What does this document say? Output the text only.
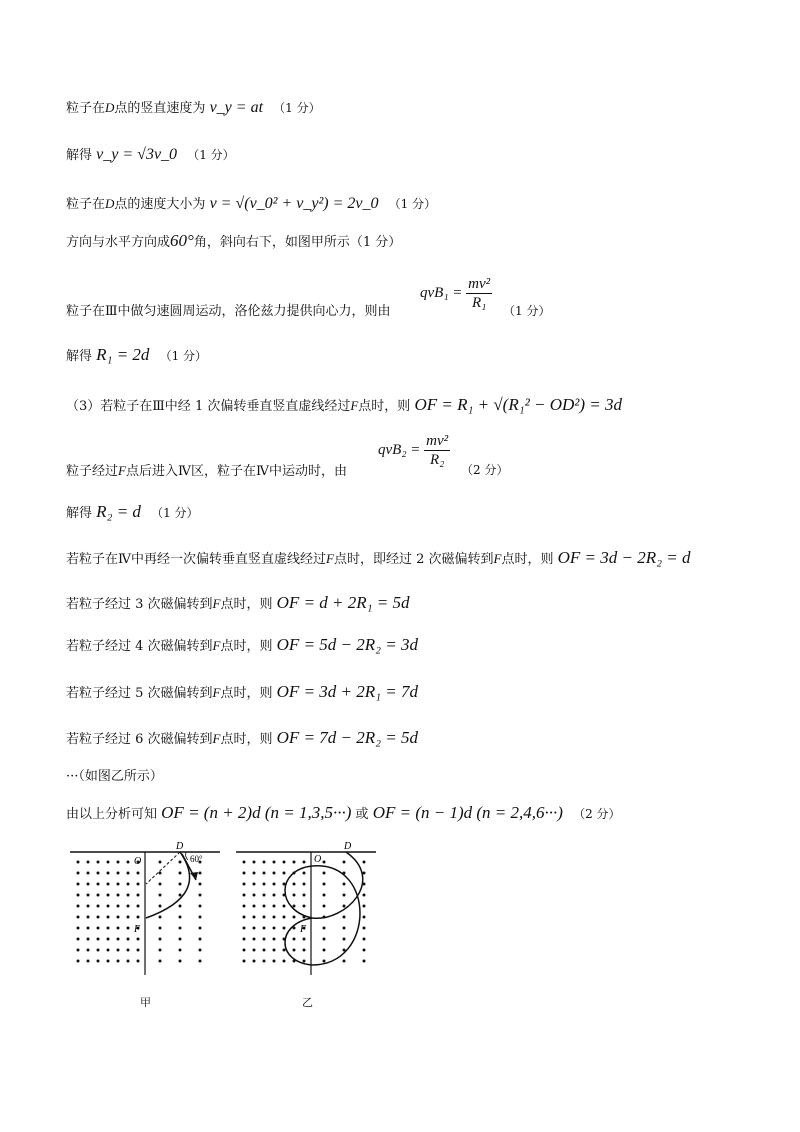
粒子在D点的竖直速度为 v_y = at （1 分）
解得 v_y = √3v_0 （1 分）
粒子在D点的速度大小为 v = √(v_0² + v_y²) = 2v_0 （1 分）
方向与水平方向成60°角，斜向右下，如图甲所示（1 分）
粒子在Ⅲ中做匀速圆周运动，洛伦兹力提供向心力，则由
$qvB_1 = \frac{\text{mv²}}{\text{R₁}} (1$ 分）
解得 R₁ = 2d （1 分）
（3）若粒子在Ⅲ中经 1 次偏转垂直竖直虚线经过F点时，则 OF = R₁ + √(R₁² − OD²) = 3d
粒子经过F点后进入Ⅳ区，粒子在Ⅳ中运动时，由
$qvB_2 = \frac{\text{mv²}}{\text{R₂}}$
（2 分）
解得 R₂ = d （1 分）
若粒子在Ⅳ中再经一次偏转垂直竖直虚线经过F点时，即经过 2 次磁偏转到F点时，则 OF = 3d − 2R₂ = d
若粒子经过 3 次磁偏转到F点时，则 OF = d + 2R₁ = 5d
若粒子经过 4 次磁偏转到F点时，则 OF = 5d − 2R₂ = 3d
若粒子经过 5 次磁偏转到F点时，则 OF = 3d + 2R₁ = 7d
若粒子经过 6 次磁偏转到F点时，则 OF = 7d − 2R₂ = 5d
···（如图乙所示）
由以上分析可知 OF = (n + 2)d (n = 1,3,5···) 或 OF = (n − 1)d (n = 2,4,6···) （2 分）
O
D
60°
F
甲
O
D
F
乙
